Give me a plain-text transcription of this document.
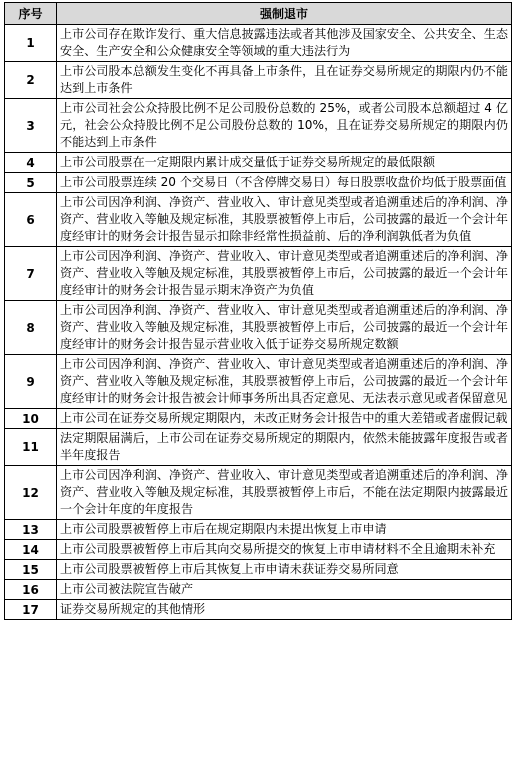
序号	强制退市
1	上市公司存在欺诈发行、重大信息披露违法或者其他涉及国家安全、公共安全、生态安全、生产安全和公众健康安全等领域的重大违法行为
2	上市公司股本总额发生变化不再具备上市条件，且在证券交易所规定的期限内仍不能达到上市条件
3	上市公司社会公众持股比例不足公司股份总数的 25%，或者公司股本总额超过 4 亿元，社会公众持股比例不足公司股份总数的 10%，且在证券交易所规定的期限内仍不能达到上市条件
4	上市公司股票在一定期限内累计成交量低于证券交易所规定的最低限额
5	上市公司股票连续 20 个交易日（不含停牌交易日）每日股票收盘价均低于股票面值
6	上市公司因净利润、净资产、营业收入、审计意见类型或者追溯重述后的净利润、净资产、营业收入等触及规定标准，其股票被暂停上市后，公司披露的最近一个会计年度经审计的财务会计报告显示扣除非经常性损益前、后的净利润孰低者为负值
7	上市公司因净利润、净资产、营业收入、审计意见类型或者追溯重述后的净利润、净资产、营业收入等触及规定标准，其股票被暂停上市后，公司披露的最近一个会计年度经审计的财务会计报告显示期末净资产为负值
8	上市公司因净利润、净资产、营业收入、审计意见类型或者追溯重述后的净利润、净资产、营业收入等触及规定标准，其股票被暂停上市后，公司披露的最近一个会计年度经审计的财务会计报告显示营业收入低于证券交易所规定数额
9	上市公司因净利润、净资产、营业收入、审计意见类型或者追溯重述后的净利润、净资产、营业收入等触及规定标准，其股票被暂停上市后，公司披露的最近一个会计年度经审计的财务会计报告被会计师事务所出具否定意见、无法表示意见或者保留意见
10	上市公司在证券交易所规定期限内，未改正财务会计报告中的重大差错或者虚假记载
11	法定期限届满后，上市公司在证券交易所规定的期限内，依然未能披露年度报告或者半年度报告
12	上市公司因净利润、净资产、营业收入、审计意见类型或者追溯重述后的净利润、净资产、营业收入等触及规定标准，其股票被暂停上市后，不能在法定期限内披露最近一个会计年度的年度报告
13	上市公司股票被暂停上市后在规定期限内未提出恢复上市申请
14	上市公司股票被暂停上市后其向交易所提交的恢复上市申请材料不全且逾期未补充
15	上市公司股票被暂停上市后其恢复上市申请未获证券交易所同意
16	上市公司被法院宣告破产
17	证券交易所规定的其他情形
